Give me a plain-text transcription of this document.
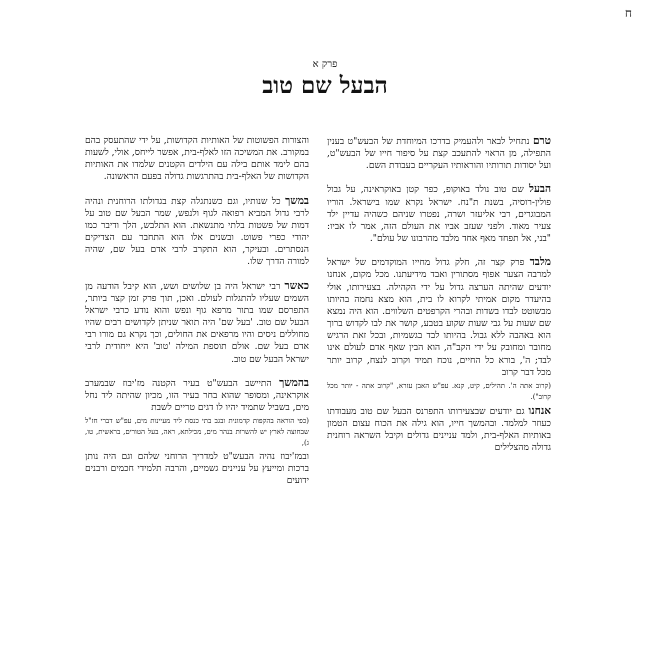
ח
פרק א
הבעל שם טוב

טרם נתחיל לבאר ולהעמיק בדרכו המיוחדת של הבעש"ט בענין התפילה, מן הראוי להתעכב קצת על סיפור חייו של הבעש"ט, ועל יסודות תורותיו והוראותיו העקריים בעבודת השם.

הבעל שם טוב נולד באוקופ, כפר קטן באוקראינה, על גבול פולין-רוסיה, בשנת ת"נח. ישראל נקרא שמו בישראל. הוריו המבוגרים, רבי אליעזר ושרה, נפטרו שניהם כשהיה עדיין ילד צעיר מאוד. ולפני שעזב אביו את העולם הזה, אמר לו אביו: "בני, אל תפחד מאף אחד מלבד מהרבונו של עולם".

מלבד פרק קצר זה, חלק גדול מחייו המוקדמים של ישראל למרבה הצער אפוף מסתורין ואבד מידיעתנו. מכל מקום, אנחנו יודעים שהיתה הערצה גדול על ידי הקהילה. בצעירותו, אולי בהיעדר מקום אמיתי לקרוא לו בית, הוא מצא נחמה בהיותו מבשוטט לבדו בשדות ובהרי הקרפטים השלווים. הוא היה נמצא שם שעות על גבי שעות שקוע בטבע, קושר את לבו לקדוש ברוך הוא באהבה ללא גבול. בהיותו לבד בגשמיות, ובכל זאת הרגיש מחובר ומחובק על ידי הקב"ה, הוא הבין שאף אדם לעולם אינו לבד; ה', בורא כל החיים, נוכח תמיד וקרוב לנצח, קרוב יותר מכל דבר קרוב

(קרוב אתה ה'. תהילים, קיט, קנא. עפ"ש האבן עזרא, "קרוב אתה - יותר מכל קרוב").

אנחנו גם יודעים שבצעירותו התפרנס הבעל שם טוב מעבודתו כעוזר למלמד. ובהמשך חייו, הוא גילה את הכוח עצום הטמון באותיות האלף-בית, ולמד עניינים גדולים וקיבל השראה רוחנית גדולה מהצלילים

והצורות הפשוטות של האותיות הקדושות, על ידי שהתעסק בהם במקורב. את המשיכה הזו לאלף-בית, אפשר לייחס, אולי, לשעות בהם לימד אותם בילה עם הילדים הקטנים שלמדו את האותיות הקדושות של האלף-בית בהתרגשות גדולה בפעם הראשונה.

במשך כל שנותיו, וגם כשנתגלה קצת בגדולתו הרוחנית ונהיה לרבי גדול המביא רפואה לגוף ולנפש, שמר הבעל שם טוב על דמות של פשטות בלתי מתנשאת. הוא התלבש, הלך ודיבר כמו יהודי כפרי פשוט. ובשנים אלו הוא התחבר עם הצדיקים הנסתרים. ובעיקר, הוא התקרב לרבי אדם בעל שם, שהיה למורה הדרך שלו.

כאשר רבי ישראל היה בן שלושים ושש, הוא קיבל הודעה מן השמים שעליו להתגלות לעולם. ואכן, תוך פרק זמן קצר ביותר, התפרסם שמו בתור מרפא גוף ונפש והוא נודע כרבי ישראל הבעל שם טוב. 'בעל שם' היה תואר שניתן לקדושים רבים שהיו מחוללים ניסים והיו מרפאים את החולים, וכך נקרא גם מורו רבי אדם בעל שם. אולם תוספת המילה 'טוב' היא ייחודית לרבי ישראל הבעל שם טוב.

בהמשך התיישב הבעש"ט בעיר הקטנה מז'יבוז שבמערב אוקראינה, ומסופר שהוא בחר בעיר הזו, מכיון שהיתה ליד נחל מים, בשביל שתמיד יהיו לו דגים טריים לשבת

(כפי הוראה בהקפות קדמונית ובגב בתי כנסת ליד מעיינות מים, עפ"ש דברי חז"ל שבחוצה לארץ יש להשרות בנהר מים, מכילתא, ראה, בעל הטורים, בראשית, טו, ג),

ובמז'יבוז נהיה הבעש"ט למדריך הרוחני שלהם וגם היה נותן ברכות ומייעץ על עניינים גשמיים, והרבה תלמידי חכמים ורבנים ידועים
